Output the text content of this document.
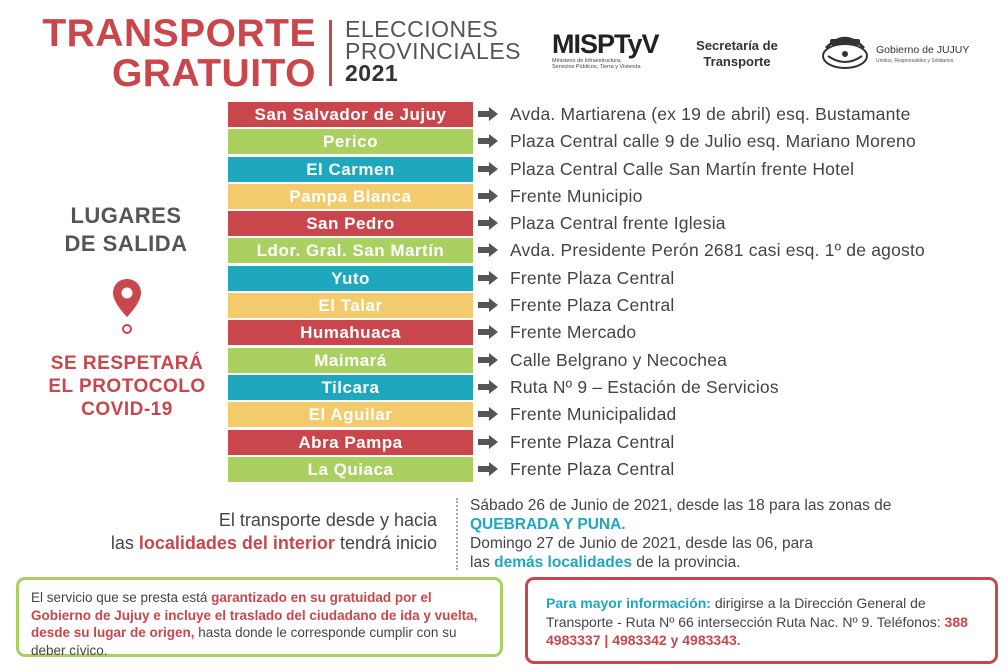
TRANSPORTE
GRATUITO
ELECCIONES
PROVINCIALES
2021
MISPTyV
Ministerio de Infraestructura,
Servicios Públicos, Tierra y Vivienda
Secretaría de
Transporte
Gobierno de JUJUY
Unidos, Responsables y Solidarios
LUGARES
DE SALIDA
SE RESPETARÁ
EL PROTOCOLO
COVID-19
San Salvador de Jujuy	Avda. Martiarena (ex 19 de abril) esq. Bustamante
Perico	Plaza Central calle 9 de Julio esq. Mariano Moreno
El Carmen	Plaza Central Calle San Martín frente Hotel
Pampa Blanca	Frente Municipio
San Pedro	Plaza Central frente Iglesia
Ldor. Gral. San Martín	Avda. Presidente Perón 2681 casi esq. 1º de agosto
Yuto	Frente Plaza Central
El Talar	Frente Plaza Central
Humahuaca	Frente Mercado
Maimará	Calle Belgrano y Necochea
Tilcara	Ruta Nº 9 – Estación de Servicios
El Aguilar	Frente Municipalidad
Abra Pampa	Frente Plaza Central
La Quiaca	Frente Plaza Central
El transporte desde y hacia
las localidades del interior tendrá inicio
Sábado 26 de Junio de 2021, desde las 18 para las zonas de
QUEBRADA Y PUNA.
Domingo 27 de Junio de 2021, desde las 06, para
las demás localidades de la provincia.
El servicio que se presta está garantizado en su gratuidad por el Gobierno de Jujuy e incluye el traslado del ciudadano de ida y vuelta, desde su lugar de origen, hasta donde le corresponde cumplir con su deber cívico.
Para mayor información: dirigirse a la Dirección General de Transporte - Ruta Nº 66 intersección Ruta Nac. Nº 9. Teléfonos: 388 4983337 | 4983342 y 4983343.
